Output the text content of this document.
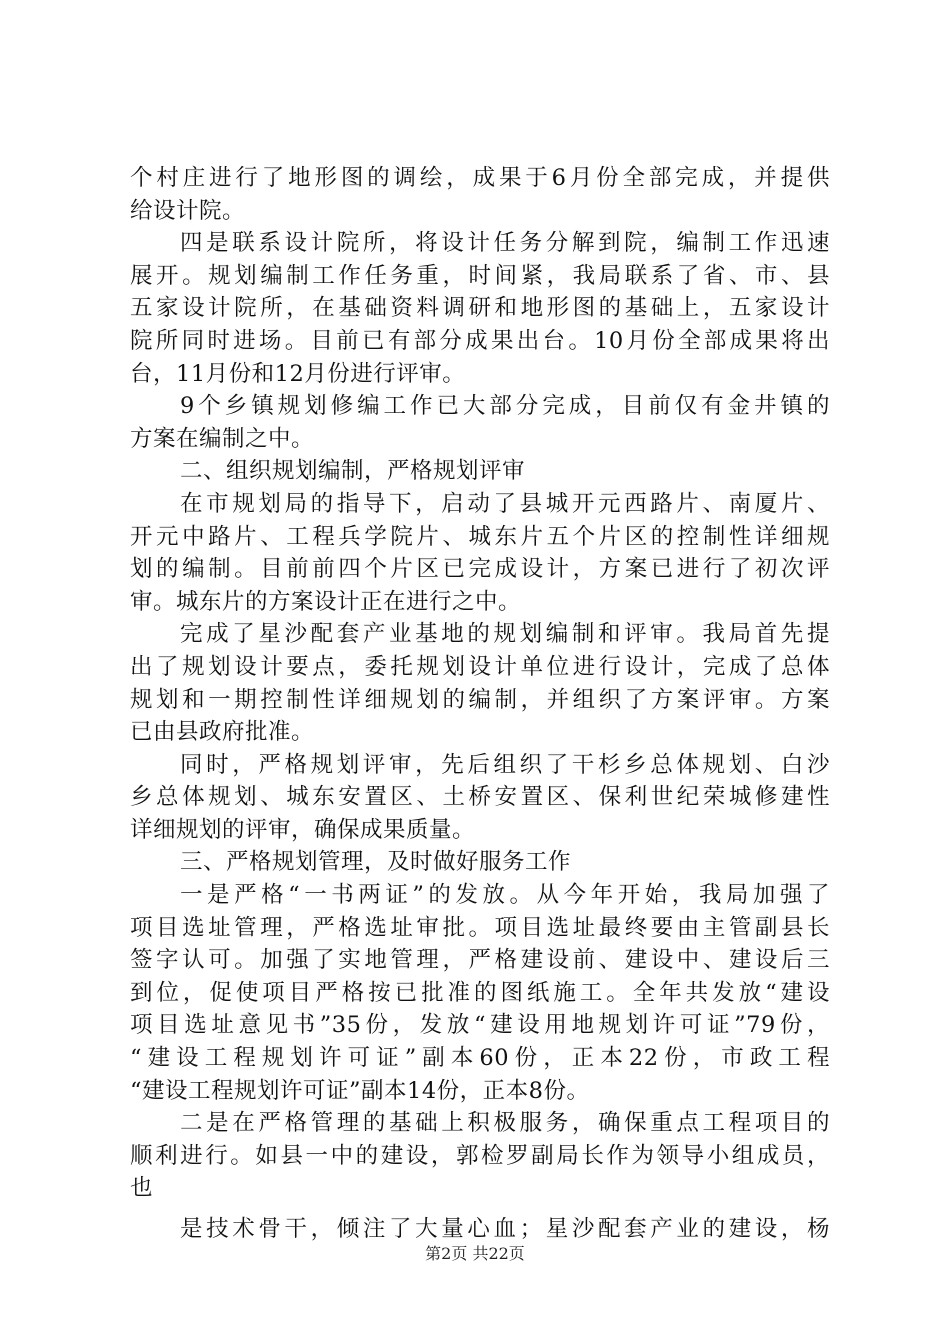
个村庄进行了地形图的调绘，成果于6月份全部完成，并提供
给设计院。
四是联系设计院所，将设计任务分解到院，编制工作迅速
展开。规划编制工作任务重，时间紧，我局联系了省、市、县
五家设计院所，在基础资料调研和地形图的基础上，五家设计
院所同时进场。目前已有部分成果出台。10月份全部成果将出
台，11月份和12月份进行评审。
9个乡镇规划修编工作已大部分完成，目前仅有金井镇的
方案在编制之中。
二、组织规划编制，严格规划评审
在市规划局的指导下，启动了县城开元西路片、南厦片、
开元中路片、工程兵学院片、城东片五个片区的控制性详细规
划的编制。目前前四个片区已完成设计，方案已进行了初次评
审。城东片的方案设计正在进行之中。
完成了星沙配套产业基地的规划编制和评审。我局首先提
出了规划设计要点，委托规划设计单位进行设计，完成了总体
规划和一期控制性详细规划的编制，并组织了方案评审。方案
已由县政府批准。
同时，严格规划评审，先后组织了干杉乡总体规划、白沙
乡总体规划、城东安置区、土桥安置区、保利世纪荣城修建性
详细规划的评审，确保成果质量。
三、严格规划管理，及时做好服务工作
一是严格“一书两证”的发放。从今年开始，我局加强了
项目选址管理，严格选址审批。项目选址最终要由主管副县长
签字认可。加强了实地管理，严格建设前、建设中、建设后三
到位，促使项目严格按已批准的图纸施工。全年共发放“建设
项目选址意见书”35份，发放“建设用地规划许可证”79份，
“建设工程规划许可证”副本60份，正本22份，市政工程
“建设工程规划许可证”副本14份，正本8份。
二是在严格管理的基础上积极服务，确保重点工程项目的
顺利进行。如县一中的建设，郭检罗副局长作为领导小组成员，
也
是技术骨干，倾注了大量心血；星沙配套产业的建设，杨
第2页 共22页
